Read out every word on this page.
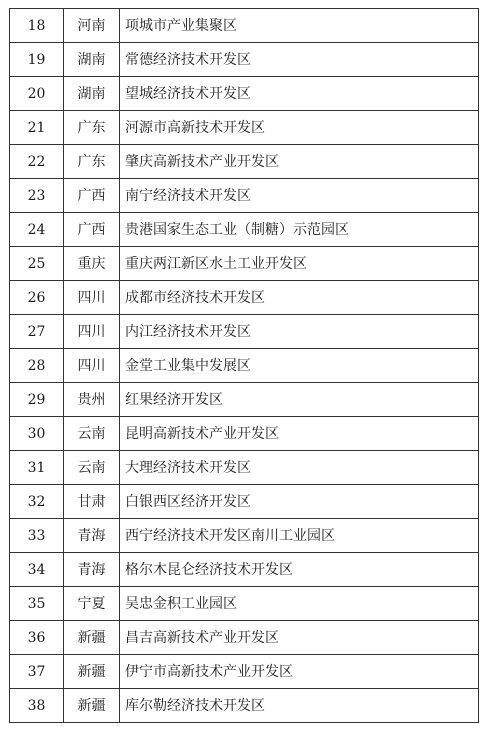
18	河南	项城市产业集聚区
19	湖南	常德经济技术开发区
20	湖南	望城经济技术开发区
21	广东	河源市高新技术开发区
22	广东	肇庆高新技术产业开发区
23	广西	南宁经济技术开发区
24	广西	贵港国家生态工业（制糖）示范园区
25	重庆	重庆两江新区水土工业开发区
26	四川	成都市经济技术开发区
27	四川	内江经济技术开发区
28	四川	金堂工业集中发展区
29	贵州	红果经济开发区
30	云南	昆明高新技术产业开发区
31	云南	大理经济技术开发区
32	甘肃	白银西区经济开发区
33	青海	西宁经济技术开发区南川工业园区
34	青海	格尔木昆仑经济技术开发区
35	宁夏	吴忠金积工业园区
36	新疆	昌吉高新技术产业开发区
37	新疆	伊宁市高新技术产业开发区
38	新疆	库尔勒经济技术开发区
